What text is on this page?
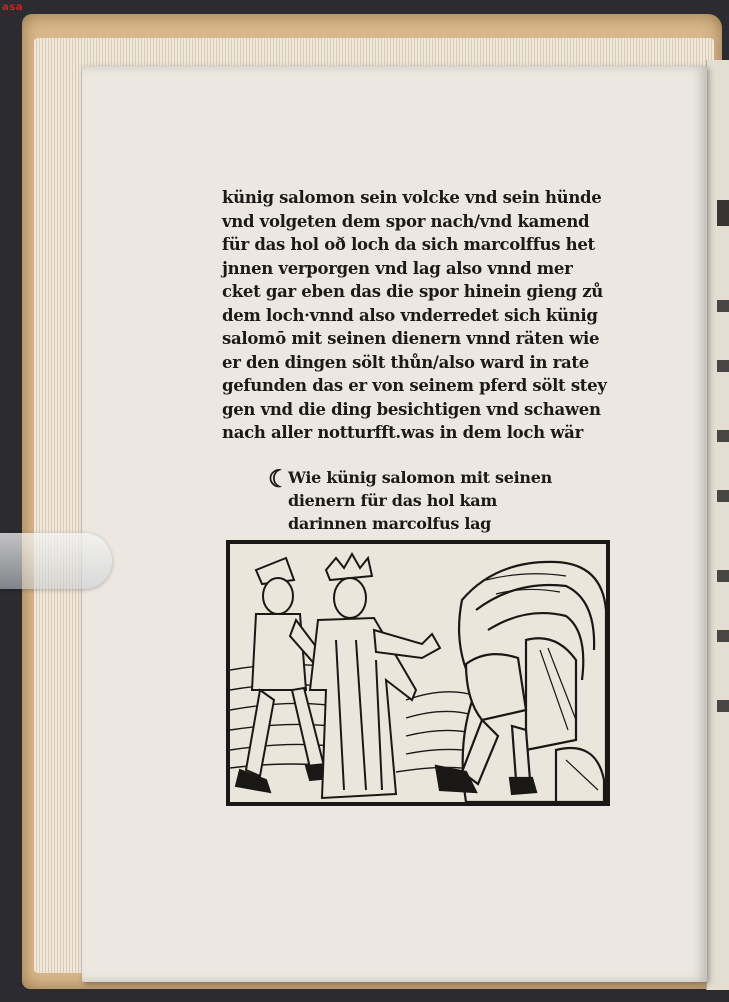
asa
künig salomon sein volcke vnd sein hünde
vnd volgeten dem spor nach/vnd kamend
für das hol oð loch da sich marcolffus het
jnnen verporgen vnd lag also vnnd mer
cket gar eben das die spor hinein gieng zů
dem loch·vnnd also vnderredet sich künig
salomō mit seinen dienern vnnd räten wie
er den dingen sölt thůn/also ward in rate
gefunden das er von seinem pferd sölt stey
gen vnd die ding besichtigen vnd schawen
nach aller notturfft.was in dem loch wär
☾
Wie künig salomon mit seinen
dienern für das hol kam
darinnen marcolfus lag
